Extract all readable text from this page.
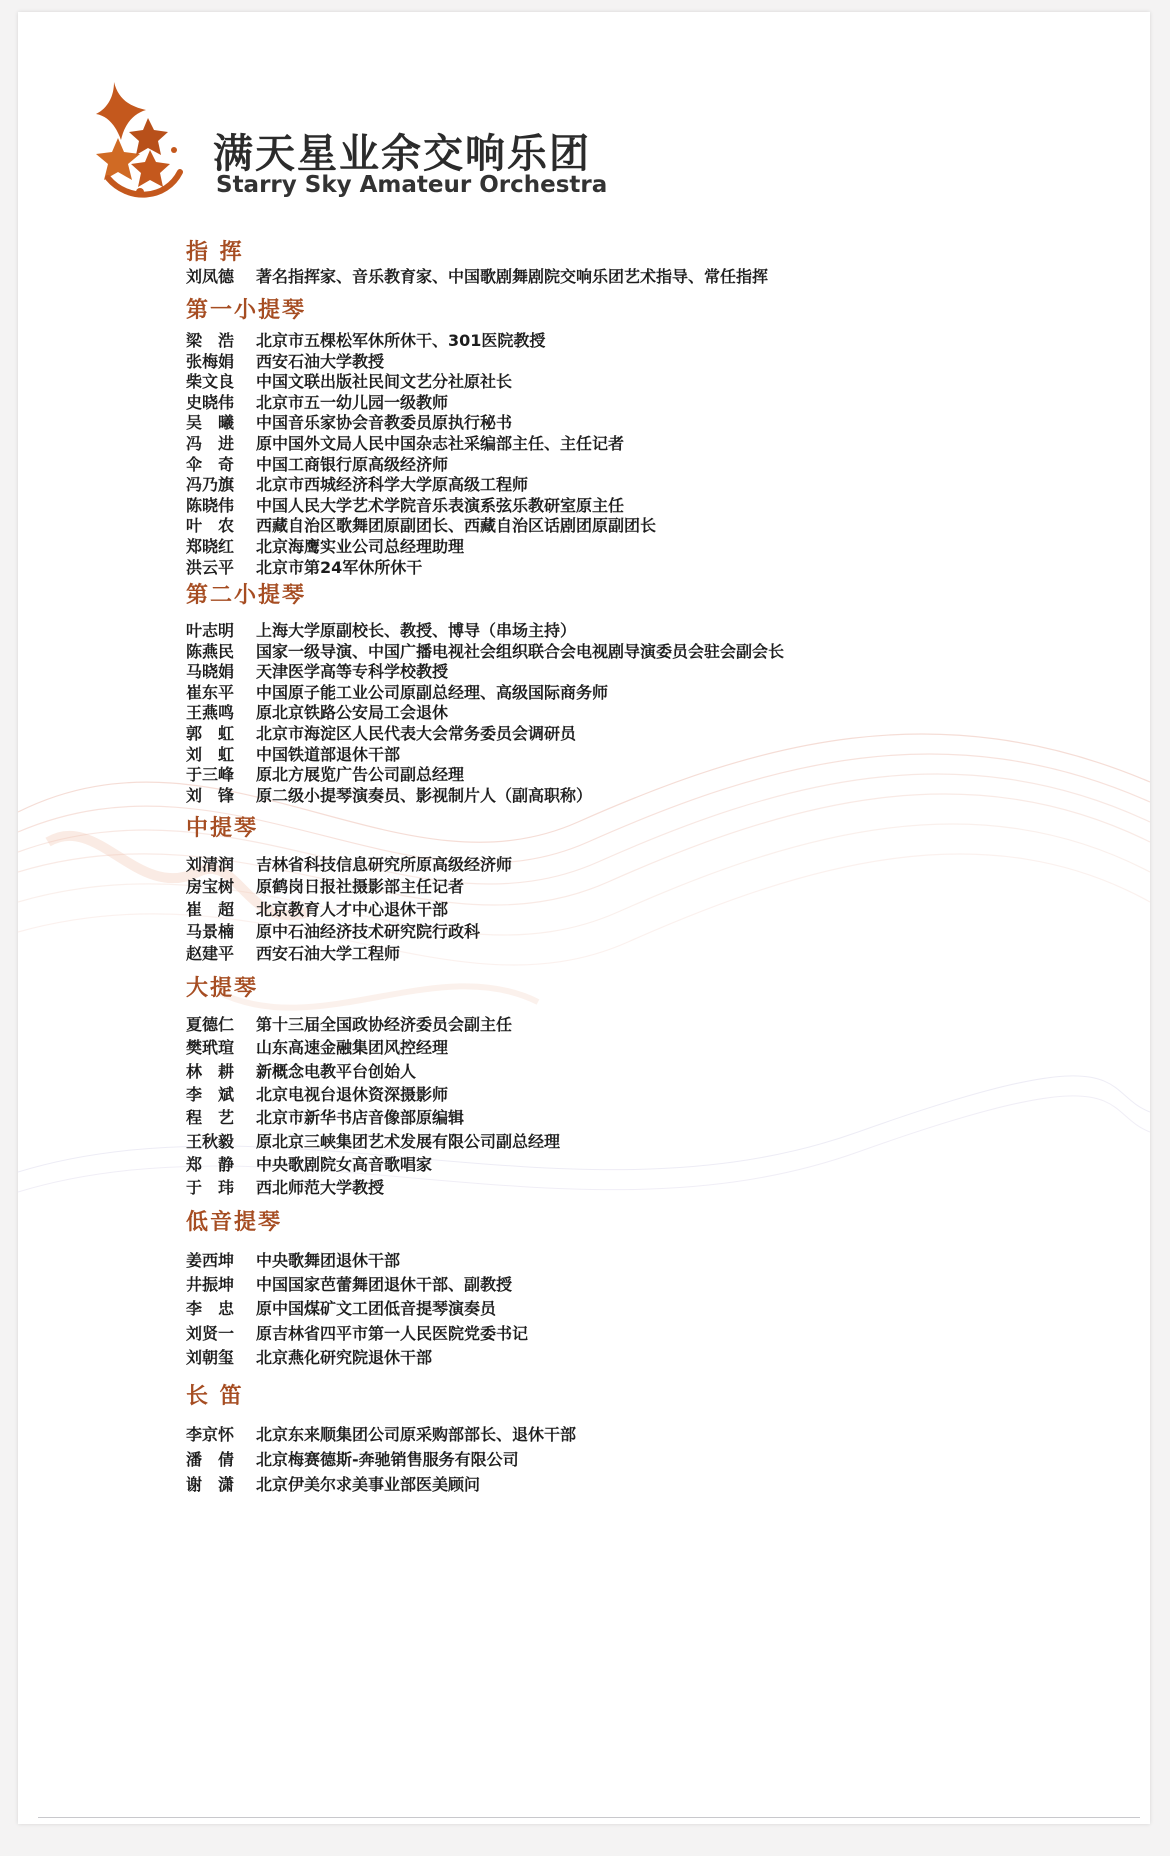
满天星业余交响乐团
Starry Sky Amateur Orchestra
指 挥
刘凤德	著名指挥家、音乐教育家、中国歌剧舞剧院交响乐团艺术指导、常任指挥
第一小提琴
梁　浩	北京市五棵松军休所休干、301医院教授
张梅娟	西安石油大学教授
柴文良	中国文联出版社民间文艺分社原社长
史晓伟	北京市五一幼儿园一级教师
吴　曦	中国音乐家协会音教委员原执行秘书
冯　进	原中国外文局人民中国杂志社采编部主任、主任记者
伞　奇	中国工商银行原高级经济师
冯乃旗	北京市西城经济科学大学原高级工程师
陈晓伟	中国人民大学艺术学院音乐表演系弦乐教研室原主任
叶　农	西藏自治区歌舞团原副团长、西藏自治区话剧团原副团长
郑晓红	北京海鹰实业公司总经理助理
洪云平	北京市第24军休所休干
第二小提琴
叶志明	上海大学原副校长、教授、博导（串场主持）
陈燕民	国家一级导演、中国广播电视社会组织联合会电视剧导演委员会驻会副会长
马晓娟	天津医学高等专科学校教授
崔东平	中国原子能工业公司原副总经理、高级国际商务师
王燕鸣	原北京铁路公安局工会退休
郭　虹	北京市海淀区人民代表大会常务委员会调研员
刘　虹	中国铁道部退休干部
于三峰	原北方展览广告公司副总经理
刘　锋	原二级小提琴演奏员、影视制片人（副高职称）
中提琴
刘清润	吉林省科技信息研究所原高级经济师
房宝树	原鹤岗日报社摄影部主任记者
崔　超	北京教育人才中心退休干部
马景楠	原中石油经济技术研究院行政科
赵建平	西安石油大学工程师
大提琴
夏德仁	第十三届全国政协经济委员会副主任
樊玳瑄	山东高速金融集团风控经理
林　耕	新概念电教平台创始人
李　斌	北京电视台退休资深摄影师
程　艺	北京市新华书店音像部原编辑
王秋毅	原北京三峡集团艺术发展有限公司副总经理
郑　静	中央歌剧院女高音歌唱家
于　玮	西北师范大学教授
低音提琴
姜西坤	中央歌舞团退休干部
井振坤	中国国家芭蕾舞团退休干部、副教授
李　忠	原中国煤矿文工团低音提琴演奏员
刘贤一	原吉林省四平市第一人民医院党委书记
刘朝玺	北京燕化研究院退休干部
长 笛
李京怀	北京东来顺集团公司原采购部部长、退休干部
潘　倩	北京梅赛德斯-奔驰销售服务有限公司
谢　潇	北京伊美尔求美事业部医美顾问
